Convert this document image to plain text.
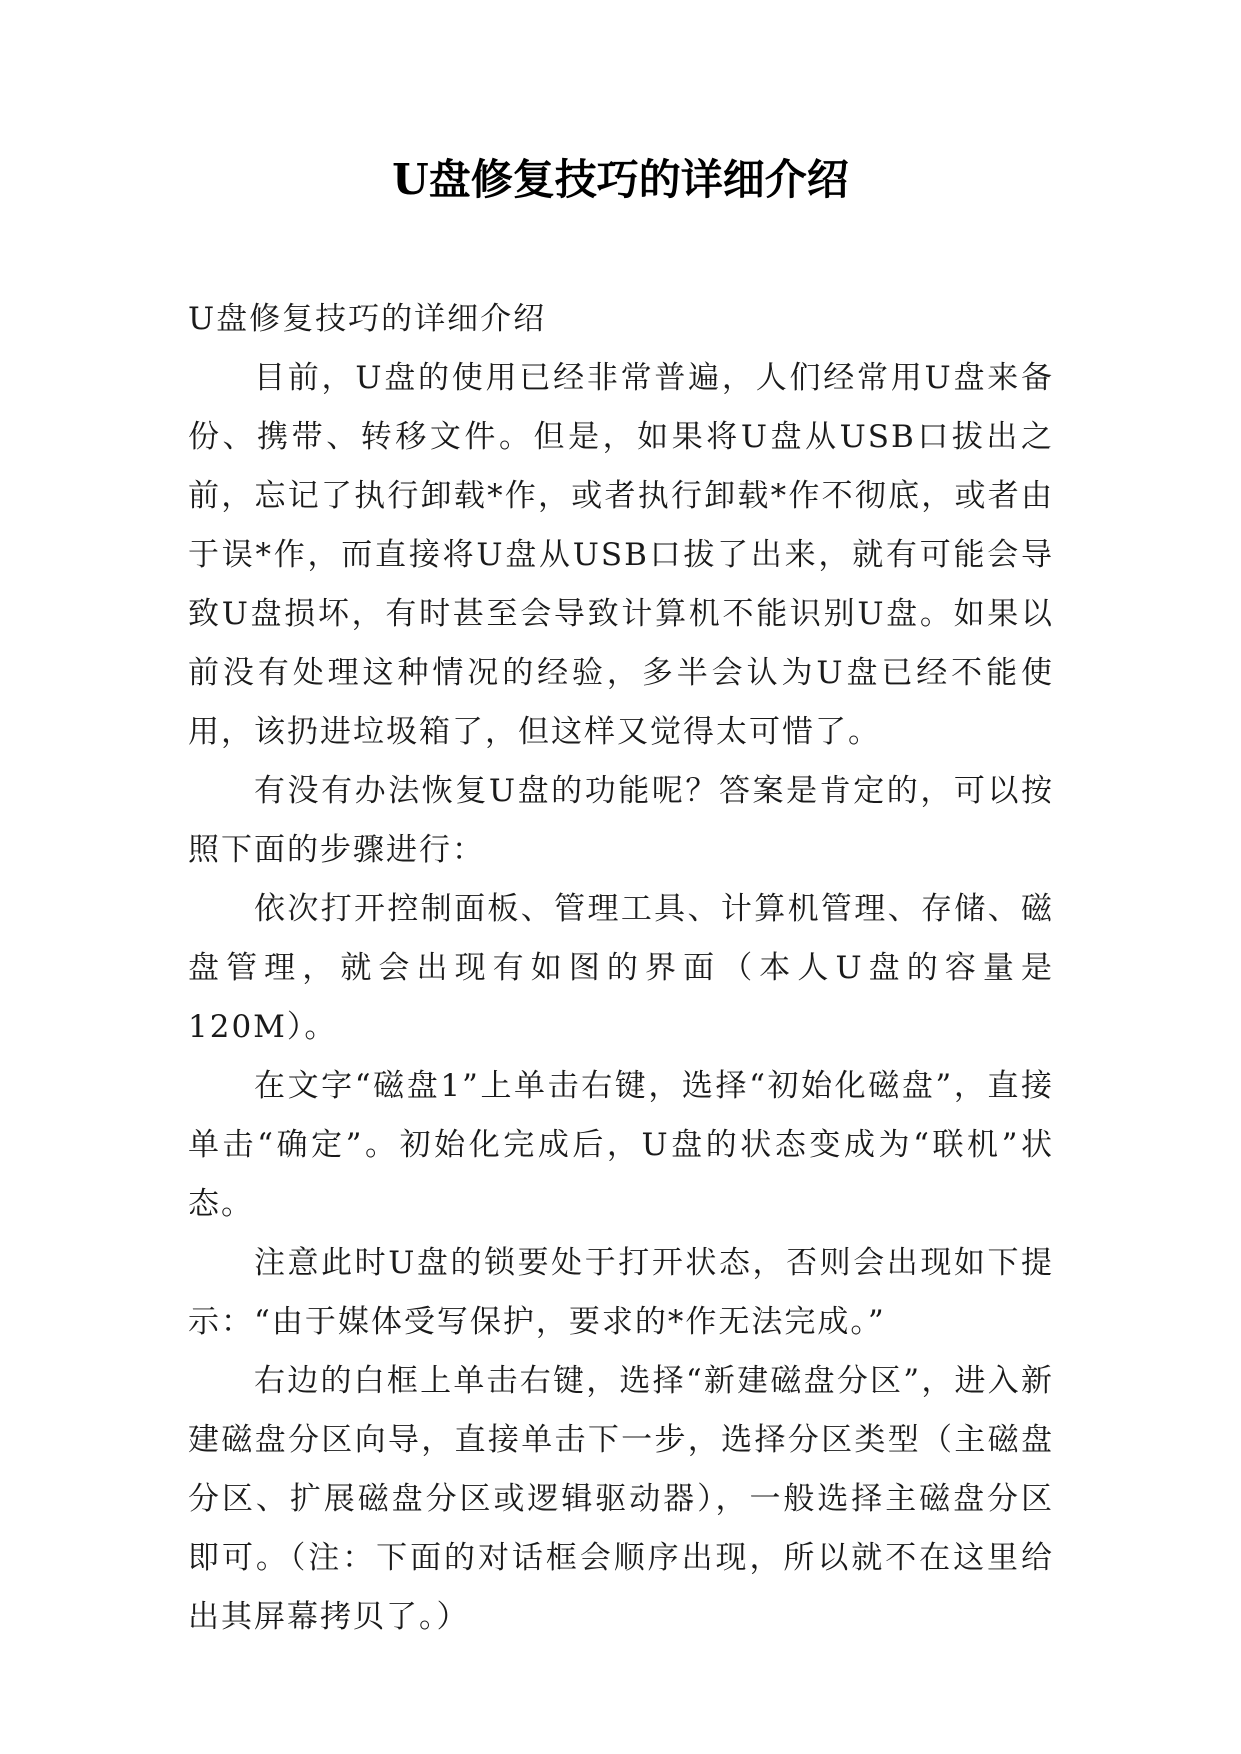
U盘修复技巧的详细介绍

U盘修复技巧的详细介绍

目前，U盘的使用已经非常普遍，人们经常用U盘来备份、携带、转移文件。但是，如果将U盘从USB口拔出之前，忘记了执行卸载*作，或者执行卸载*作不彻底，或者由于误*作，而直接将U盘从USB口拔了出来，就有可能会导致U盘损坏，有时甚至会导致计算机不能识别U盘。如果以前没有处理这种情况的经验，多半会认为U盘已经不能使用，该扔进垃圾箱了，但这样又觉得太可惜了。

有没有办法恢复U盘的功能呢？答案是肯定的，可以按照下面的步骤进行：

依次打开控制面板、管理工具、计算机管理、存储、磁盘管理，就会出现有如图的界面（本人U盘的容量是120M）。

在文字“磁盘1”上单击右键，选择“初始化磁盘”，直接单击“确定”。初始化完成后，U盘的状态变成为“联机”状态。

注意此时U盘的锁要处于打开状态，否则会出现如下提示：“由于媒体受写保护，要求的*作无法完成。”

右边的白框上单击右键，选择“新建磁盘分区”，进入新建磁盘分区向导，直接单击下一步，选择分区类型（主磁盘分区、扩展磁盘分区或逻辑驱动器），一般选择主磁盘分区即可。（注：下面的对话框会顺序出现，所以就不在这里给出其屏幕拷贝了。）
